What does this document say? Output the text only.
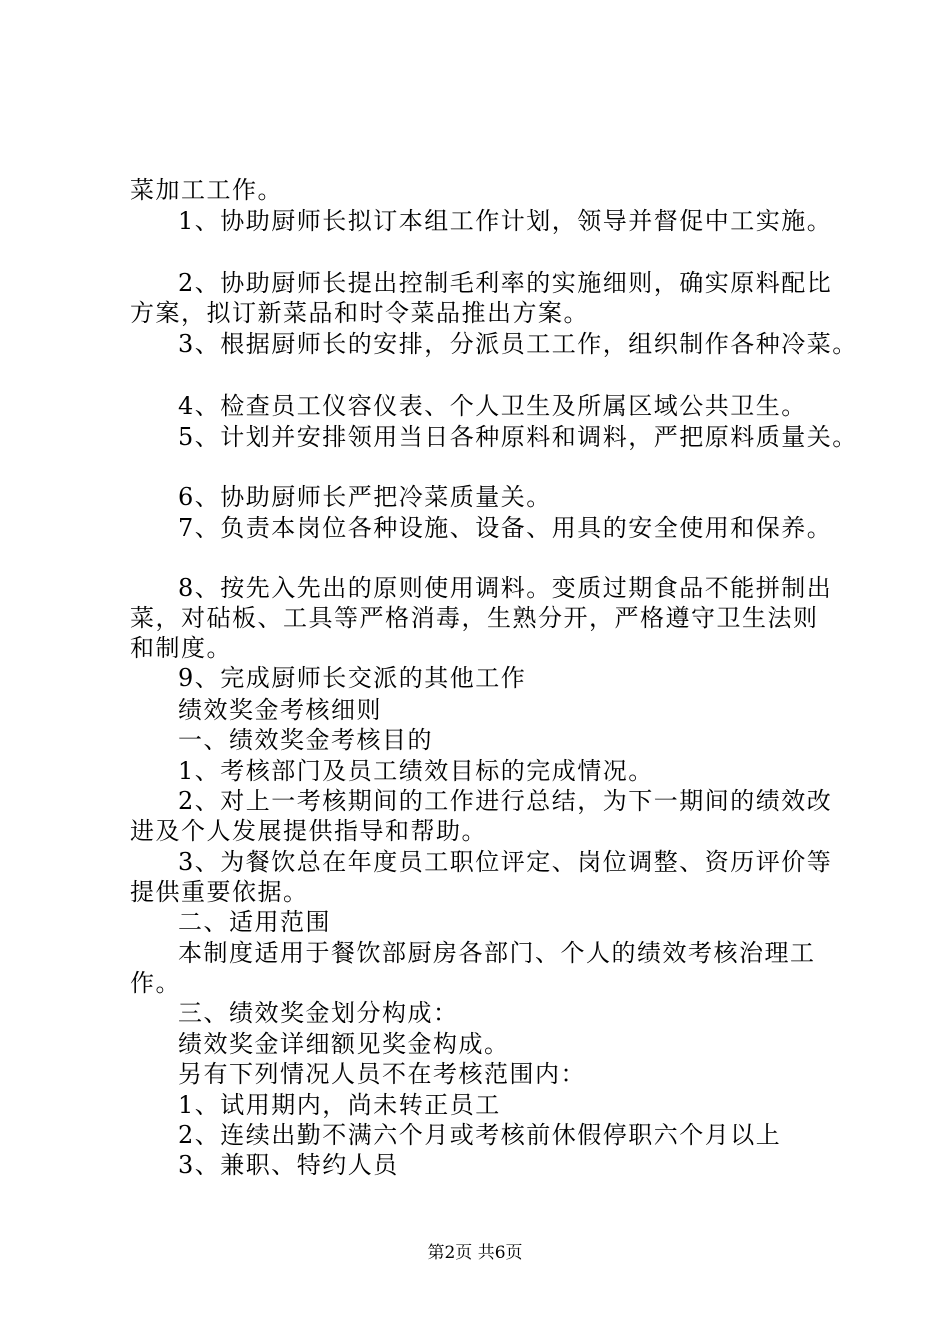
菜加工工作。
1、协助厨师长拟订本组工作计划，领导并督促中工实施。
2、协助厨师长提出控制毛利率的实施细则，确实原料配比
方案，拟订新菜品和时令菜品推出方案。
3、根据厨师长的安排，分派员工工作，组织制作各种冷菜。
4、检查员工仪容仪表、个人卫生及所属区域公共卫生。
5、计划并安排领用当日各种原料和调料，严把原料质量关。
6、协助厨师长严把冷菜质量关。
7、负责本岗位各种设施、设备、用具的安全使用和保养。
8、按先入先出的原则使用调料。变质过期食品不能拼制出
菜，对砧板、工具等严格消毒，生熟分开，严格遵守卫生法则
和制度。
9、完成厨师长交派的其他工作
绩效奖金考核细则
一、绩效奖金考核目的
1、考核部门及员工绩效目标的完成情况。
2、对上一考核期间的工作进行总结，为下一期间的绩效改
进及个人发展提供指导和帮助。
3、为餐饮总在年度员工职位评定、岗位调整、资历评价等
提供重要依据。
二、适用范围
本制度适用于餐饮部厨房各部门、个人的绩效考核治理工
作。
三、绩效奖金划分构成：
绩效奖金详细额见奖金构成。
另有下列情况人员不在考核范围内：
1、试用期内，尚未转正员工
2、连续出勤不满六个月或考核前休假停职六个月以上
3、兼职、特约人员
第2页 共6页
